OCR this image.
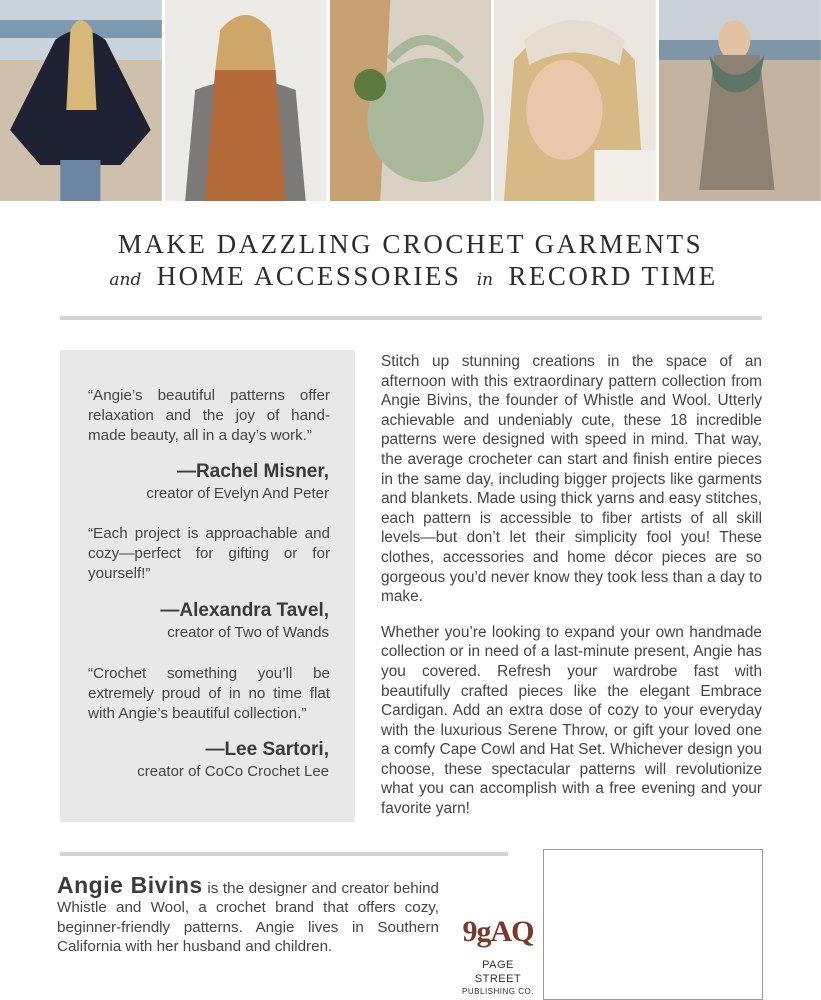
MAKE DAZZLING CROCHET GARMENTS
and HOME ACCESSORIES in RECORD TIME
“Angie’s beautiful patterns offer relaxation and the joy of hand-made beauty, all in a day’s work.”
—Rachel Misner,
creator of Evelyn And Peter
“Each project is approachable and cozy—perfect for gifting or for yourself!”
—Alexandra Tavel,
creator of Two of Wands
“Crochet something you’ll be extremely proud of in no time flat with Angie’s beautiful collection.”
—Lee Sartori,
creator of CoCo Crochet Lee

Stitch up stunning creations in the space of an afternoon with this extraordinary pattern collection from Angie Bivins, the founder of Whistle and Wool. Utterly achievable and undeniably cute, these 18 incredible patterns were designed with speed in mind. That way, the average crocheter can start and finish entire pieces in the same day, including bigger projects like garments and blankets. Made using thick yarns and easy stitches, each pattern is accessible to fiber artists of all skill levels—but don’t let their simplicity fool you! These clothes, accessories and home décor pieces are so gorgeous you’d never know they took less than a day to make.

Whether you’re looking to expand your own handmade collection or in need of a last-minute present, Angie has you covered. Refresh your wardrobe fast with beautifully crafted pieces like the elegant Embrace Cardigan. Add an extra dose of cozy to your everyday with the luxurious Serene Throw, or gift your loved one a comfy Cape Cowl and Hat Set. Whichever design you choose, these spectacular patterns will revolutionize what you can accomplish with a free evening and your favorite yarn!

Angie Bivins is the designer and creator behind Whistle and Wool, a crochet brand that offers cozy, beginner-friendly patterns. Angie lives in Southern California with her husband and children.	9gAQ
PAGE STREET
PUBLISHING CO.
